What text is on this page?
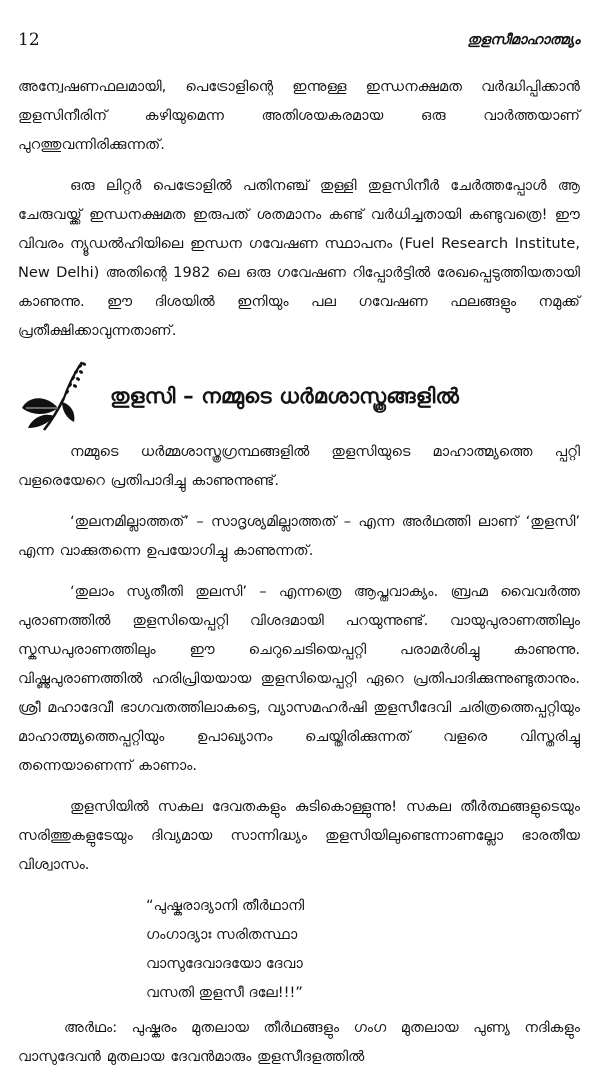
12	തുളസീമാഹാത്മ്യം

അന്വേഷണഫലമായി, പെട്രോളിന്റെ ഇന്നുള്ള ഇന്ധനക്ഷമത വർദ്ധിപ്പിക്കാൻ തുളസിനീരിന് കഴിയുമെന്ന അതിശയകരമായ ഒരു വാർത്തയാണ് പുറത്തുവന്നിരിക്കുന്നത്.

ഒരു ലിറ്റർ പെട്രോളിൽ പതിനഞ്ച് തുള്ളി തുളസിനീർ ചേർത്തപ്പോൾ ആ ചേരുവയ്ക്ക് ഇന്ധനക്ഷമത ഇരുപത് ശതമാനം കണ്ട് വർധിച്ചതായി കണ്ടുവത്രെ! ഈ വിവരം ന്യൂഡൽഹിയിലെ ഇന്ധന ഗവേഷണ സ്ഥാപനം (Fuel Research Institute, New Delhi) അതിന്റെ 1982 ലെ ഒരു ഗവേഷണ റിപ്പോർട്ടിൽ രേഖപ്പെടുത്തിയതായി കാണുന്നു. ഈ ദിശയിൽ ഇനിയും പല ഗവേഷണ ഫലങ്ങളും നമുക്ക് പ്രതീക്ഷിക്കാവുന്നതാണ്.

തുളസി – നമ്മുടെ ധർമശാസ്ത്രങ്ങളിൽ

നമ്മുടെ ധർമ്മശാസ്ത്രഗ്രന്ഥങ്ങളിൽ തുളസിയുടെ മാഹാത്മ്യത്തെ പ്പറ്റി വളരെയേറെ പ്രതിപാദിച്ചു കാണുന്നുണ്ട്.

‘തുലനമില്ലാത്തത്’ – സാദൃശ്യമില്ലാത്തത് – എന്ന അർഥത്തി ലാണ് ‘തുളസി’ എന്ന വാക്കുതന്നെ ഉപയോഗിച്ചു കാണുന്നത്.

‘തുലാം സ്യതീതി തുലസി’ – എന്നത്രെ ആപ്തവാക്യം. ബ്രഹ്മ വൈവർത്ത പുരാണത്തിൽ തുളസിയെപ്പറ്റി വിശദമായി പറയുന്നുണ്ട്. വായുപുരാണത്തിലും സ്കന്ധപുരാണത്തിലും ഈ ചെറുചെടിയെപ്പറ്റി പരാമർശിച്ചു കാണുന്നു. വിഷ്ണുപുരാണത്തിൽ ഹരിപ്രിയയായ തുളസിയെപ്പറ്റി ഏറെ പ്രതിപാദിക്കുന്നുണ്ടുതാനും. ശ്രീ മഹാദേവീ ഭാഗവതത്തിലാകട്ടെ, വ്യാസമഹർഷി തുളസീദേവി ചരിത്രത്തെപ്പറ്റിയും മാഹാത്മ്യത്തെപ്പറ്റിയും ഉപാഖ്യാനം ചെയ്തിരിക്കുന്നത് വളരെ വിസ്തരിച്ചു തന്നെയാണെന്ന് കാണാം.

തുളസിയിൽ സകല ദേവതകളും കുടികൊള്ളുന്നു! സകല തീർത്ഥങ്ങളുടെയും സരിത്തുകളുടേയും ദിവ്യമായ സാന്നിദ്ധ്യം തുളസിയിലുണ്ടെന്നാണല്ലോ ഭാരതീയ വിശ്വാസം.

“പുഷ്കരാദ്യാനി തീർഥാനി
ഗംഗാദ്യാഃ സരിതസ്ഥാ
വാസുദേവാദയോ ദേവാ
വസതി തുളസീ ദലേ!!!”

അർഥം: പുഷ്കരം മുതലായ തീർഥങ്ങളും ഗംഗ മുതലായ പുണ്യ നദികളും വാസുദേവൻ മുതലായ ദേവൻമാരും തുളസീദളത്തിൽ
